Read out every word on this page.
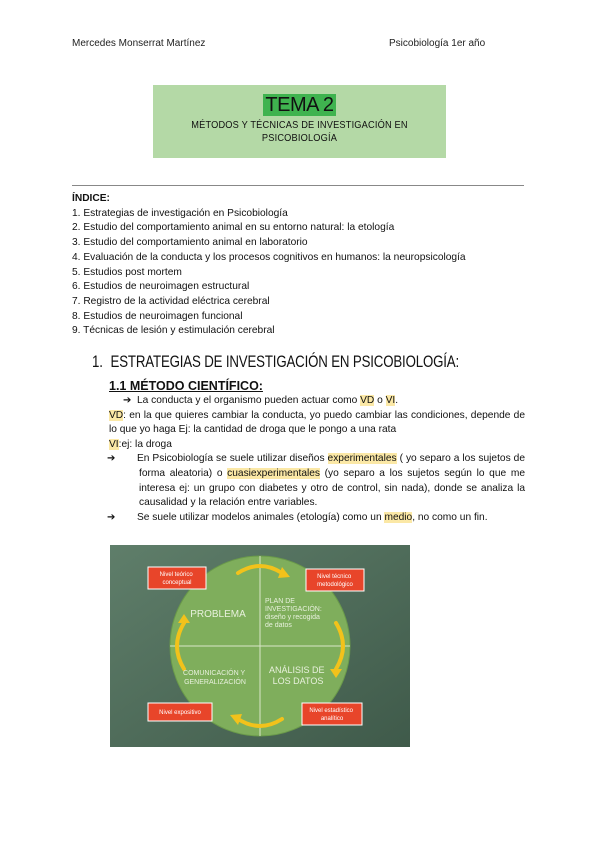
Mercedes Monserrat Martínez	Psicobiología 1er año
TEMA 2
MÉTODOS Y TÉCNICAS DE INVESTIGACIÓN EN
PSICOBIOLOGÍA
ÍNDICE:
1. Estrategias de investigación en Psicobiología
2. Estudio del comportamiento animal en su entorno natural: la etología
3. Estudio del comportamiento animal en laboratorio
4. Evaluación de la conducta y los procesos cognitivos en humanos: la neuropsicología
5. Estudios post mortem
6. Estudios de neuroimagen estructural
7. Registro de la actividad eléctrica cerebral
8. Estudios de neuroimagen funcional
9. Técnicas de lesión y estimulación cerebral
1. ESTRATEGIAS DE INVESTIGACIÓN EN PSICOBIOLOGÍA:
1.1 MÉTODO CIENTÍFICO:
➔ La conducta y el organismo pueden actuar como VD o VI.
VD: en la que quieres cambiar la conducta, yo puedo cambiar las condiciones, depende de lo que yo haga Ej: la cantidad de droga que le pongo a una rata
VI:ej: la droga
➔ En Psicobiología se suele utilizar diseños experimentales ( yo separo a los sujetos de forma aleatoria) o cuasiexperimentales (yo separo a los sujetos según lo que me interesa ej: un grupo con diabetes y otro de control, sin nada), donde se analiza la causalidad y la relación entre variables.
➔ Se suele utilizar modelos animales (etología) como un medio, no como un fin.
PROBLEMA
PLAN DE INVESTIGACIÓN: diseño y recogida de datos
COMUNICACIÓN Y GENERALIZACIÓN
ANÁLISIS DE LOS DATOS
Nivel teórico conceptual
Nivel técnico metodológico
Nivel expositivo	Nivel estadístico analítico
